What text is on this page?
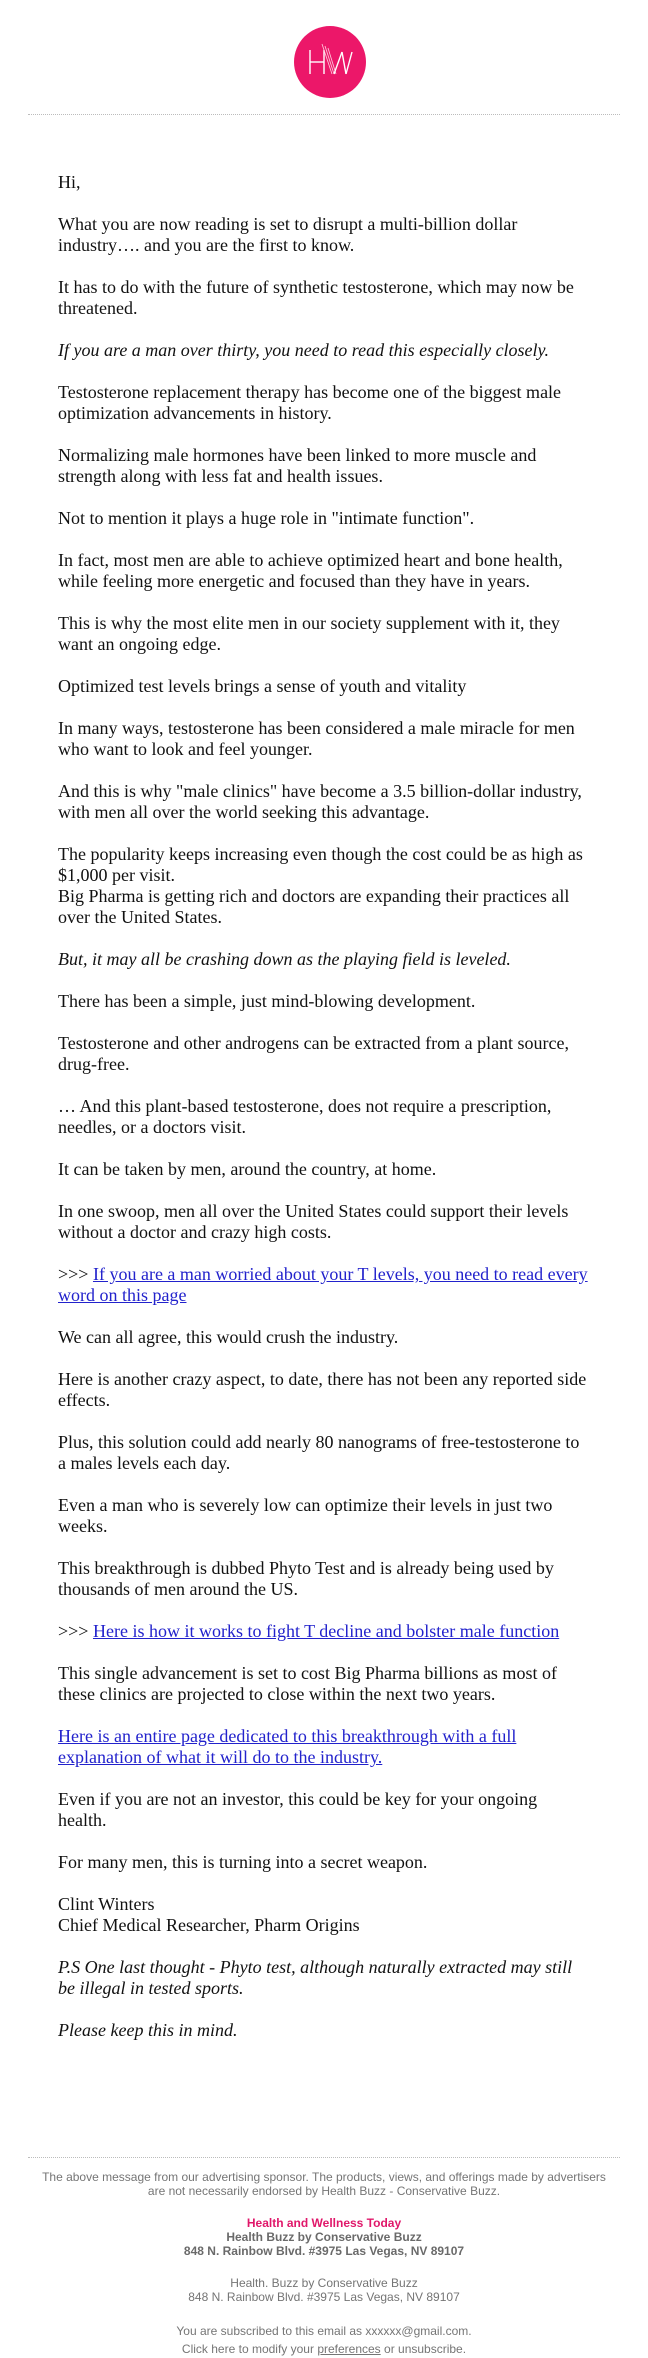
Hi,

What you are now reading is set to disrupt a multi-billion dollar industry…. and you are the first to know.

It has to do with the future of synthetic testosterone, which may now be threatened.

If you are a man over thirty, you need to read this especially closely.

Testosterone replacement therapy has become one of the biggest male optimization advancements in history.

Normalizing male hormones have been linked to more muscle and strength along with less fat and health issues.

Not to mention it plays a huge role in "intimate function".

In fact, most men are able to achieve optimized heart and bone health, while feeling more energetic and focused than they have in years.

This is why the most elite men in our society supplement with it, they want an ongoing edge.

Optimized test levels brings a sense of youth and vitality

In many ways, testosterone has been considered a male miracle for men who want to look and feel younger.

And this is why "male clinics" have become a 3.5 billion-dollar industry, with men all over the world seeking this advantage.

The popularity keeps increasing even though the cost could be as high as $1,000 per visit.
Big Pharma is getting rich and doctors are expanding their practices all over the United States.

But, it may all be crashing down as the playing field is leveled.

There has been a simple, just mind-blowing development.

Testosterone and other androgens can be extracted from a plant source, drug-free.

… And this plant-based testosterone, does not require a prescription, needles, or a doctors visit.

It can be taken by men, around the country, at home.

In one swoop, men all over the United States could support their levels without a doctor and crazy high costs.

>>> If you are a man worried about your T levels, you need to read every word on this page

We can all agree, this would crush the industry.

Here is another crazy aspect, to date, there has not been any reported side effects.

Plus, this solution could add nearly 80 nanograms of free-testosterone to a males levels each day.

Even a man who is severely low can optimize their levels in just two weeks.

This breakthrough is dubbed Phyto Test and is already being used by thousands of men around the US.

>>> Here is how it works to fight T decline and bolster male function

This single advancement is set to cost Big Pharma billions as most of these clinics are projected to close within the next two years.

Here is an entire page dedicated to this breakthrough with a full explanation of what it will do to the industry.

Even if you are not an investor, this could be key for your ongoing health.

For many men, this is turning into a secret weapon.

Clint Winters
Chief Medical Researcher, Pharm Origins

P.S One last thought - Phyto test, although naturally extracted may still be illegal in tested sports.

Please keep this in mind.

The above message from our advertising sponsor. The products, views, and offerings made by advertisers are not necessarily endorsed by Health Buzz - Conservative Buzz.

Health and Wellness Today
Health Buzz by Conservative Buzz
848 N. Rainbow Blvd. #3975 Las Vegas, NV 89107

Health. Buzz by Conservative Buzz
848 N. Rainbow Blvd. #3975 Las Vegas, NV 89107

You are subscribed to this email as xxxxxx@gmail.com.

Click here to modify your preferences or unsubscribe.
